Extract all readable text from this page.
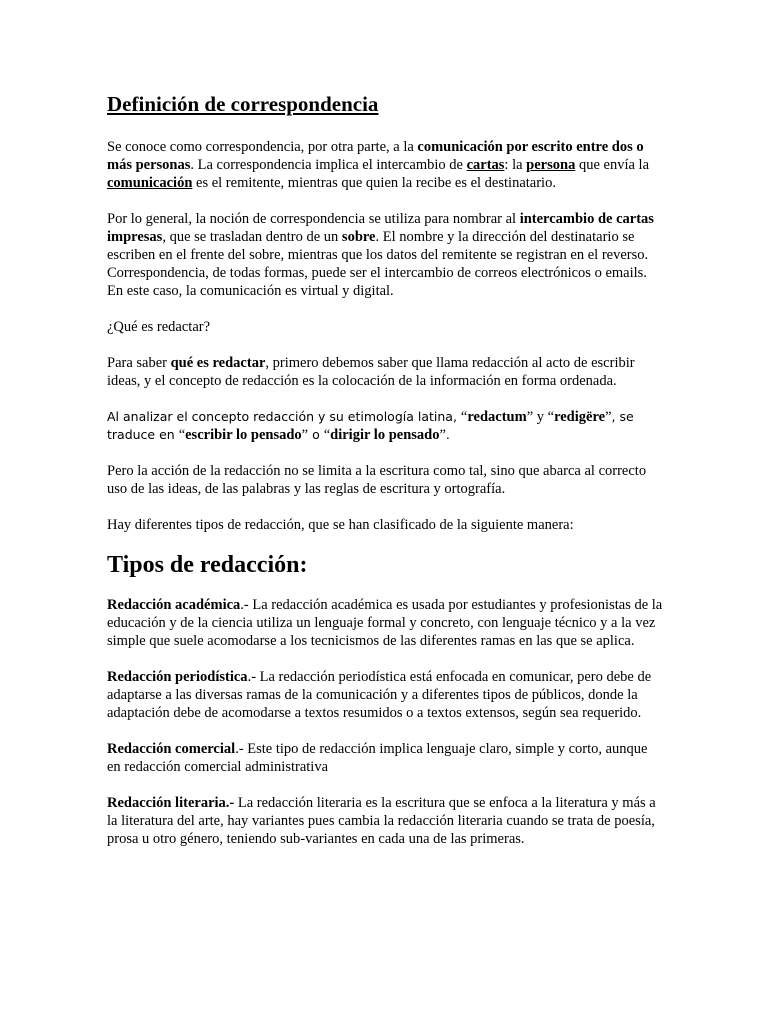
Definición de correspondencia

Se conoce como correspondencia, por otra parte, a la comunicación por escrito entre dos o más personas. La correspondencia implica el intercambio de cartas: la persona que envía la comunicación es el remitente, mientras que quien la recibe es el destinatario.

Por lo general, la noción de correspondencia se utiliza para nombrar al intercambio de cartas impresas, que se trasladan dentro de un sobre. El nombre y la dirección del destinatario se escriben en el frente del sobre, mientras que los datos del remitente se registran en el reverso. Correspondencia, de todas formas, puede ser el intercambio de correos electrónicos o emails. En este caso, la comunicación es virtual y digital.

¿Qué es redactar?

Para saber qué es redactar, primero debemos saber que llama redacción al acto de escribir ideas, y el concepto de redacción es la colocación de la información en forma ordenada.

Al analizar el concepto redacción y su etimología latina, “redactum” y “redigëre”, se traduce en “escribir lo pensado” o “dirigir lo pensado”.

Pero la acción de la redacción no se limita a la escritura como tal, sino que abarca al correcto uso de las ideas, de las palabras y las reglas de escritura y ortografía.

Hay diferentes tipos de redacción, que se han clasificado de la siguiente manera:

Tipos de redacción:

Redacción académica.- La redacción académica es usada por estudiantes y profesionistas de la educación y de la ciencia utiliza un lenguaje formal y concreto, con lenguaje técnico y a la vez simple que suele acomodarse a los tecnicismos de las diferentes ramas en las que se aplica.

Redacción periodística.- La redacción periodística está enfocada en comunicar, pero debe de adaptarse a las diversas ramas de la comunicación y a diferentes tipos de públicos, donde la adaptación debe de acomodarse a textos resumidos o a textos extensos, según sea requerido.

Redacción comercial.- Este tipo de redacción implica lenguaje claro, simple y corto, aunque en redacción comercial administrativa

Redacción literaria.- La redacción literaria es la escritura que se enfoca a la literatura y más a la literatura del arte, hay variantes pues cambia la redacción literaria cuando se trata de poesía, prosa u otro género, teniendo sub-variantes en cada una de las primeras.
